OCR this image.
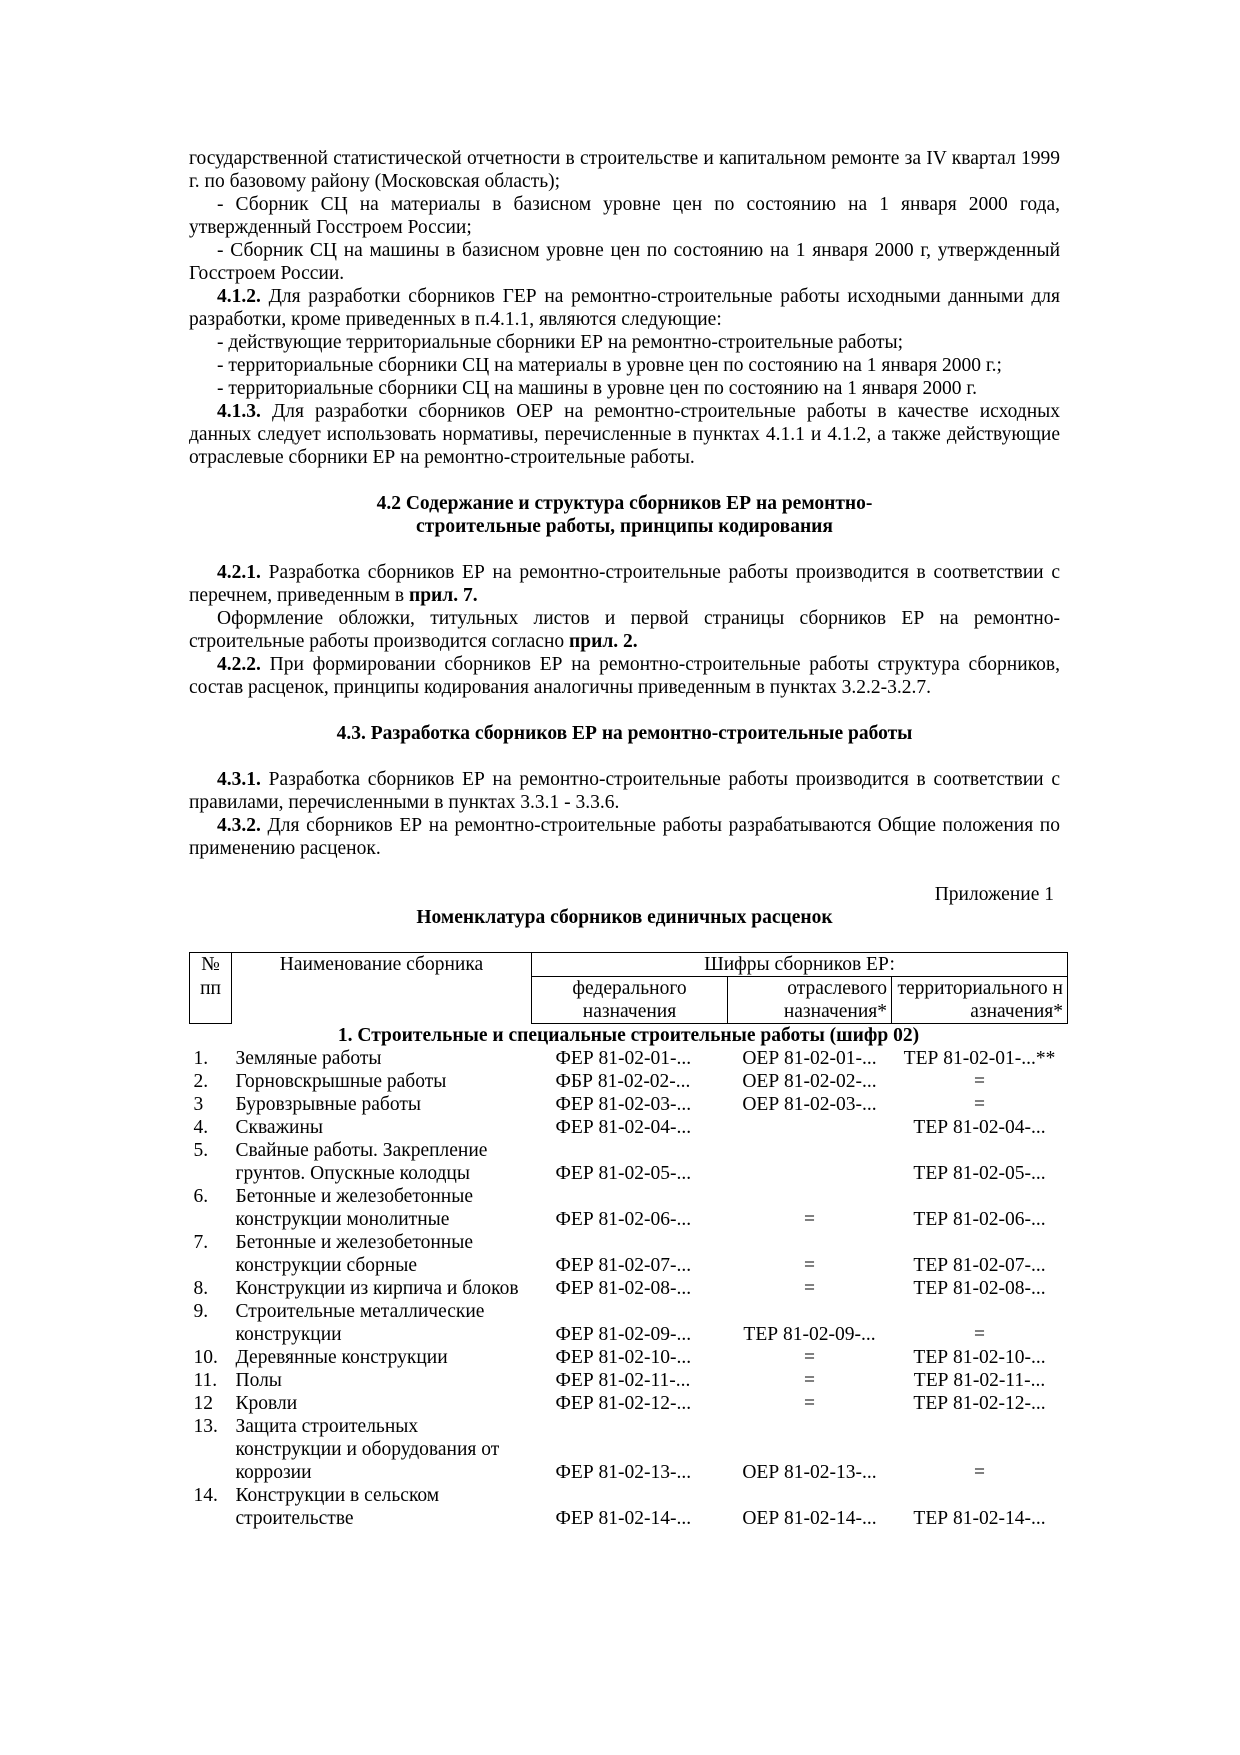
государственной статистической отчетности в строительстве и капитальном ремонте за IV квартал 1999 г. по базовому району (Московская область);

- Сборник СЦ на материалы в базисном уровне цен по состоянию на 1 января 2000 года, утвержденный Госстроем России;

- Сборник СЦ на машины в базисном уровне цен по состоянию на 1 января 2000 г, утвержденный Госстроем России.

4.1.2. Для разработки сборников ГЕР на ремонтно-строительные работы исходными данными для разработки, кроме приведенных в п.4.1.1, являются следующие:

- действующие территориальные сборники ЕР на ремонтно-строительные работы;

- территориальные сборники СЦ на материалы в уровне цен по состоянию на 1 января 2000 г.;

- территориальные сборники СЦ на машины в уровне цен по состоянию на 1 января 2000 г.

4.1.3. Для разработки сборников ОЕР на ремонтно-строительные работы в качестве исходных данных следует использовать нормативы, перечисленные в пунктах 4.1.1 и 4.1.2, а также действующие отраслевые сборники ЕР на ремонтно-строительные работы.

4.2 Содержание и структура сборников ЕР на ремонтно-
строительные работы, принципы кодирования

4.2.1. Разработка сборников ЕР на ремонтно-строительные работы производится в соответствии с перечнем, приведенным в прил. 7.

Оформление обложки, титульных листов и первой страницы сборников ЕР на ремонтно-строительные работы производится согласно прил. 2.

4.2.2. При формировании сборников ЕР на ремонтно-строительные работы структура сборников, состав расценок, принципы кодирования аналогичны приведенным в пунктах 3.2.2-3.2.7.

4.3. Разработка сборников ЕР на ремонтно-строительные работы

4.3.1. Разработка сборников ЕР на ремонтно-строительные работы производится в соответствии с правилами, перечисленными в пунктах 3.3.1 - 3.3.6.

4.3.2. Для сборников ЕР на ремонтно-строительные работы разрабатываются Общие положения по применению расценок.

Приложение 1
Номенклатура сборников единичных расценок
№	Наименование сборника	Шифры сборников ЕР:		
пп		федерального назначения	отраслевого назначения*	территориального назначения*
1. Строительные и специальные строительные работы (шифр 02)				
1.	Земляные работы	ФЕР 81-02-01-...	ОЕР 81-02-01-...	ТЕР 81-02-01-...**
2.	Горновскрышные работы	ФБР 81-02-02-...	ОЕР 81-02-02-...	=
3	Буровзрывные работы	ФЕР 81-02-03-...	ОЕР 81-02-03-...	=
4.	Скважины	ФЕР 81-02-04-...		ТЕР 81-02-04-...
5.	Свайные работы. Закрепление грунтов. Опускные колодцы	ФЕР 81-02-05-...		ТЕР 81-02-05-...
6.	Бетонные и железобетонные конструкции монолитные	ФЕР 81-02-06-...	=	ТЕР 81-02-06-...
7.	Бетонные и железобетонные конструкции сборные	ФЕР 81-02-07-...	=	ТЕР 81-02-07-...
8.	Конструкции из кирпича и блоков	ФЕР 81-02-08-...	=	ТЕР 81-02-08-...
9.	Строительные металлические конструкции	ФЕР 81-02-09-...	ТЕР 81-02-09-...	=
10.	Деревянные конструкции	ФЕР 81-02-10-...	=	ТЕР 81-02-10-...
11.	Полы	ФЕР 81-02-11-...	=	ТЕР 81-02-11-...
12	Кровли	ФЕР 81-02-12-...	=	ТЕР 81-02-12-...
13.	Защита строительных конструкции и оборудования от коррозии	ФЕР 81-02-13-...	ОЕР 81-02-13-...	=
14.	Конструкции в сельском строительстве	ФЕР 81-02-14-...	ОЕР 81-02-14-...	ТЕР 81-02-14-...
